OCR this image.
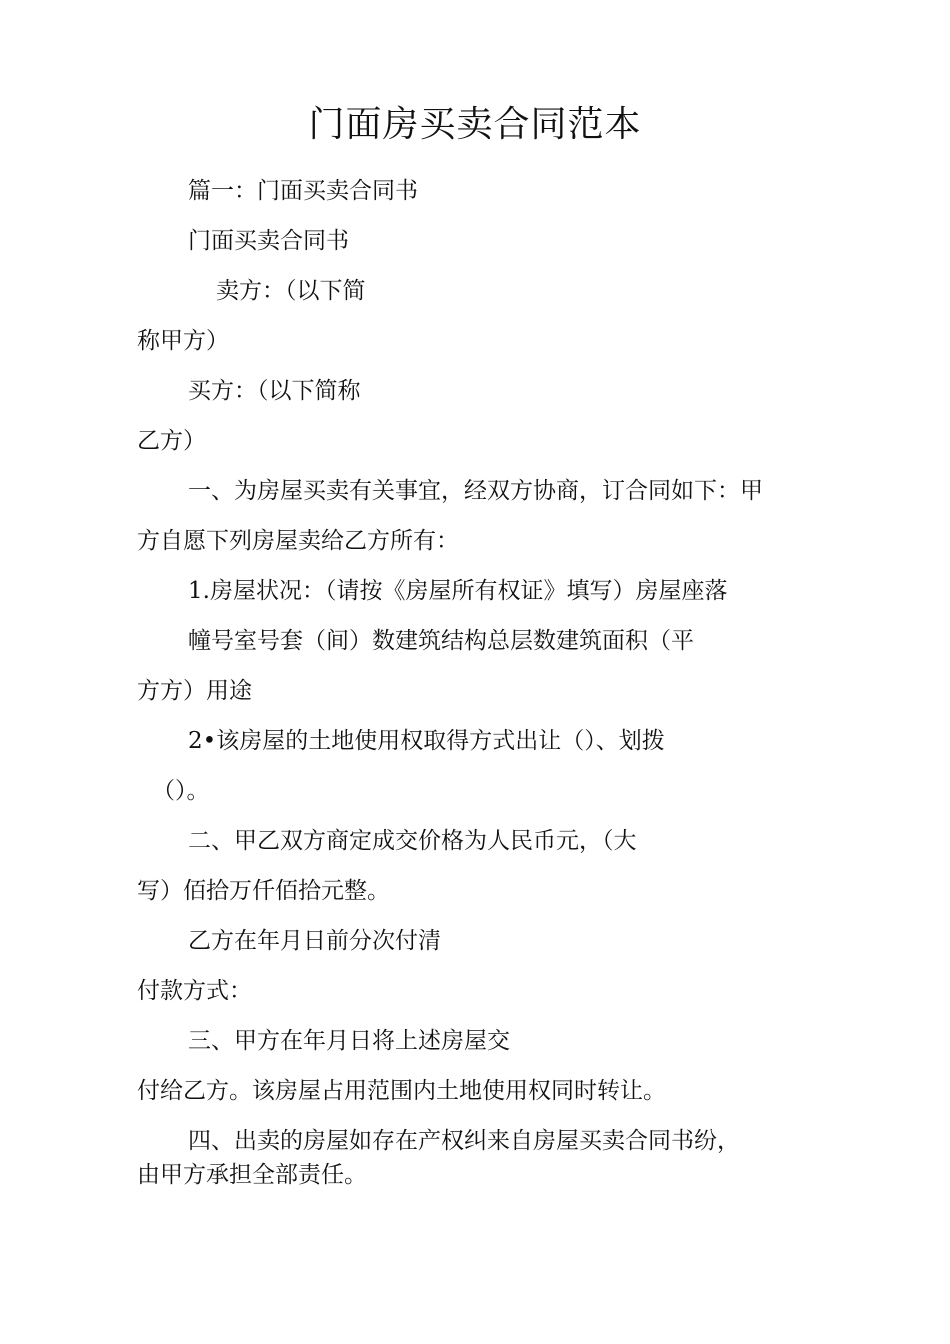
门面房买卖合同范本

篇一：门面买卖合同书

门面买卖合同书

卖方：（以下简

称甲方）

买方：（以下简称

乙方）

一、为房屋买卖有关事宜，经双方协商，订合同如下：甲

方自愿下列房屋卖给乙方所有：

1.房屋状况：（请按《房屋所有权证》填写）房屋座落

幢号室号套（间）数建筑结构总层数建筑面积（平

方方）用途

2•该房屋的土地使用权取得方式出让（）、划拨

（）。

二、甲乙双方商定成交价格为人民币元，（大

写）佰拾万仟佰拾元整。

乙方在年月日前分次付清

付款方式：

三、甲方在年月日将上述房屋交

付给乙方。该房屋占用范围内土地使用权同时转让。

四、出卖的房屋如存在产权纠来自房屋买卖合同书纷，

由甲方承担全部责任。
